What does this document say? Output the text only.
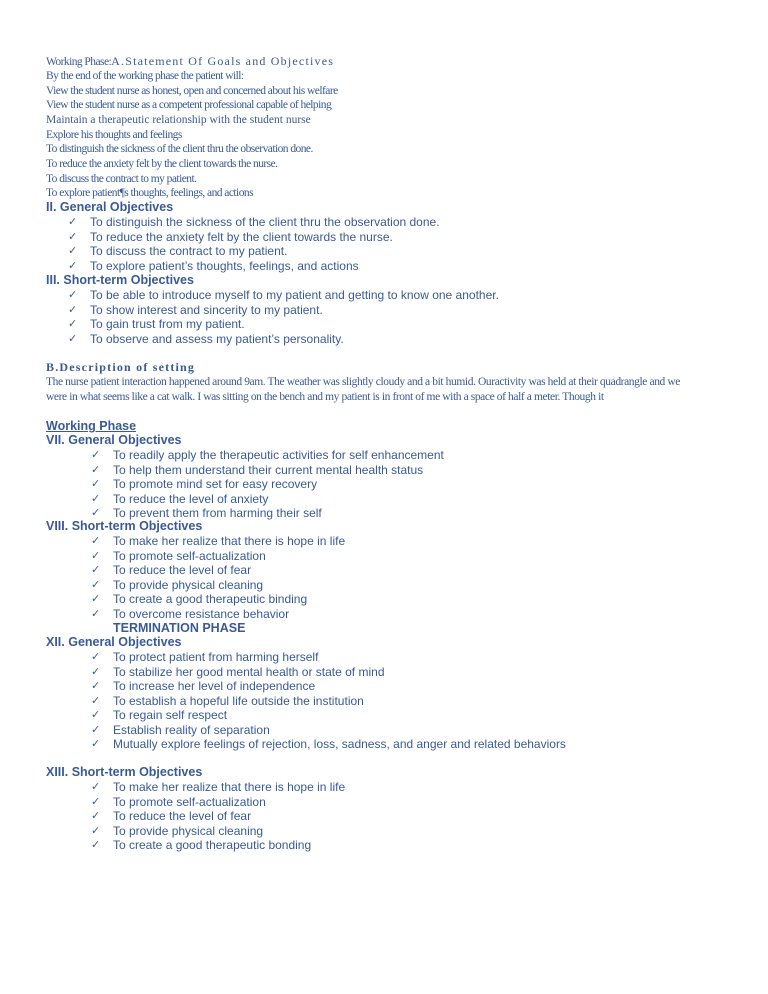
Working Phase:A.Statement Of Goals and Objectives
By the end of the working phase the patient will:
View the student nurse as honest, open and concerned about his welfare
View the student nurse as a competent professional capable of helping
Maintain a therapeutic relationship with the student nurse
Explore his thoughts and feelings
To distinguish the sickness of the client thru the observation done.
To reduce the anxiety felt by the client towards the nurse.
To discuss the contract to my patient.
To explore patient¶s thoughts, feelings, and actions
II. General Objectives
✓ To distinguish the sickness of the client thru the observation done.
✓ To reduce the anxiety felt by the client towards the nurse.
✓ To discuss the contract to my patient.
✓ To explore patient’s thoughts, feelings, and actions
III. Short-term Objectives
✓ To be able to introduce myself to my patient and getting to know one another.
✓ To show interest and sincerity to my patient.
✓ To gain trust from my patient.
✓ To observe and assess my patient’s personality.
B.Description of setting

The nurse patient interaction happened around 9am. The weather was slightly cloudy and a bit humid. Ouractivity was held at their quadrangle and we were in what seems like a cat walk. I was sitting on the bench and my patient is in front of me with a space of half a meter. Though it

Working Phase
VII. General Objectives
✓ To readily apply the therapeutic activities for self enhancement
✓ To help them understand their current mental health status
✓ To promote mind set for easy recovery
✓ To reduce the level of anxiety
✓ To prevent them from harming their self
VIII. Short-term Objectives
✓ To make her realize that there is hope in life
✓ To promote self-actualization
✓ To reduce the level of fear
✓ To provide physical cleaning
✓ To create a good therapeutic binding
✓ To overcome resistance behavior
TERMINATION PHASE
XII. General Objectives
✓ To protect patient from harming herself
✓ To stabilize her good mental health or state of mind
✓ To increase her level of independence
✓ To establish a hopeful life outside the institution
✓ To regain self respect
✓ Establish reality of separation
✓ Mutually explore feelings of rejection, loss, sadness, and anger and related behaviors
XIII. Short-term Objectives
✓ To make her realize that there is hope in life
✓ To promote self-actualization
✓ To reduce the level of fear
✓ To provide physical cleaning
✓ To create a good therapeutic bonding
